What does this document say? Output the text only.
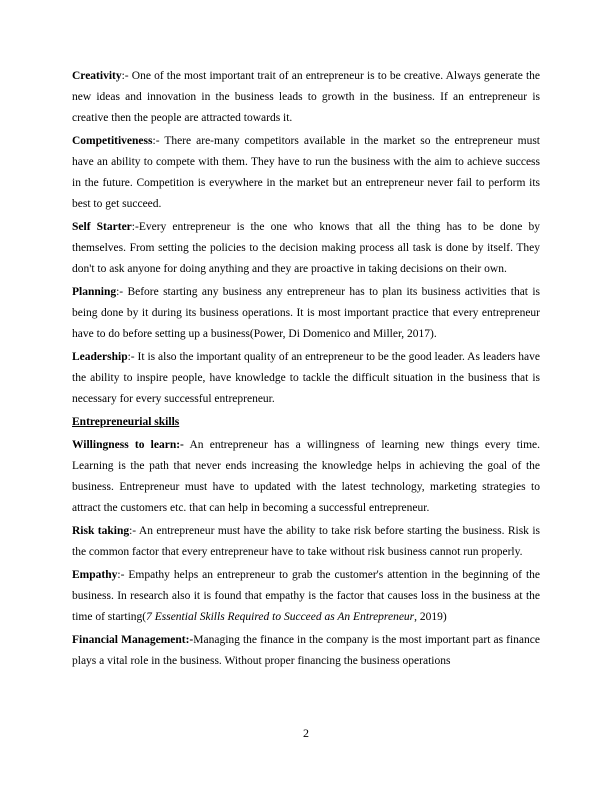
Creativity:- One of the most important trait of an entrepreneur is to be creative. Always generate the new ideas and innovation in the business leads to growth in the business. If an entrepreneur is creative then the people are attracted towards it.

Competitiveness:- There are-many competitors available in the market so the entrepreneur must have an ability to compete with them. They have to run the business with the aim to achieve success in the future. Competition is everywhere in the market but an entrepreneur never fail to perform its best to get succeed.

Self Starter:-Every entrepreneur is the one who knows that all the thing has to be done by themselves. From setting the policies to the decision making process all task is done by itself. They don't to ask anyone for doing anything and they are proactive in taking decisions on their own.

Planning:- Before starting any business any entrepreneur has to plan its business activities that is being done by it during its business operations. It is most important practice that every entrepreneur have to do before setting up a business(Power, Di Domenico and Miller, 2017).

Leadership:- It is also the important quality of an entrepreneur to be the good leader. As leaders have the ability to inspire people, have knowledge to tackle the difficult situation in the business that is necessary for every successful entrepreneur.

Entrepreneurial skills

Willingness to learn:- An entrepreneur has a willingness of learning new things every time. Learning is the path that never ends increasing the knowledge helps in achieving the goal of the business. Entrepreneur must have to updated with the latest technology, marketing strategies to attract the customers etc. that can help in becoming a successful entrepreneur.

Risk taking:- An entrepreneur must have the ability to take risk before starting the business. Risk is the common factor that every entrepreneur have to take without risk business cannot run properly.

Empathy:- Empathy helps an entrepreneur to grab the customer's attention in the beginning of the business. In research also it is found that empathy is the factor that causes loss in the business at the time of starting(7 Essential Skills Required to Succeed as An Entrepreneur, 2019)

Financial Management:-Managing the finance in the company is the most important part as finance plays a vital role in the business. Without proper financing the business operations

2
